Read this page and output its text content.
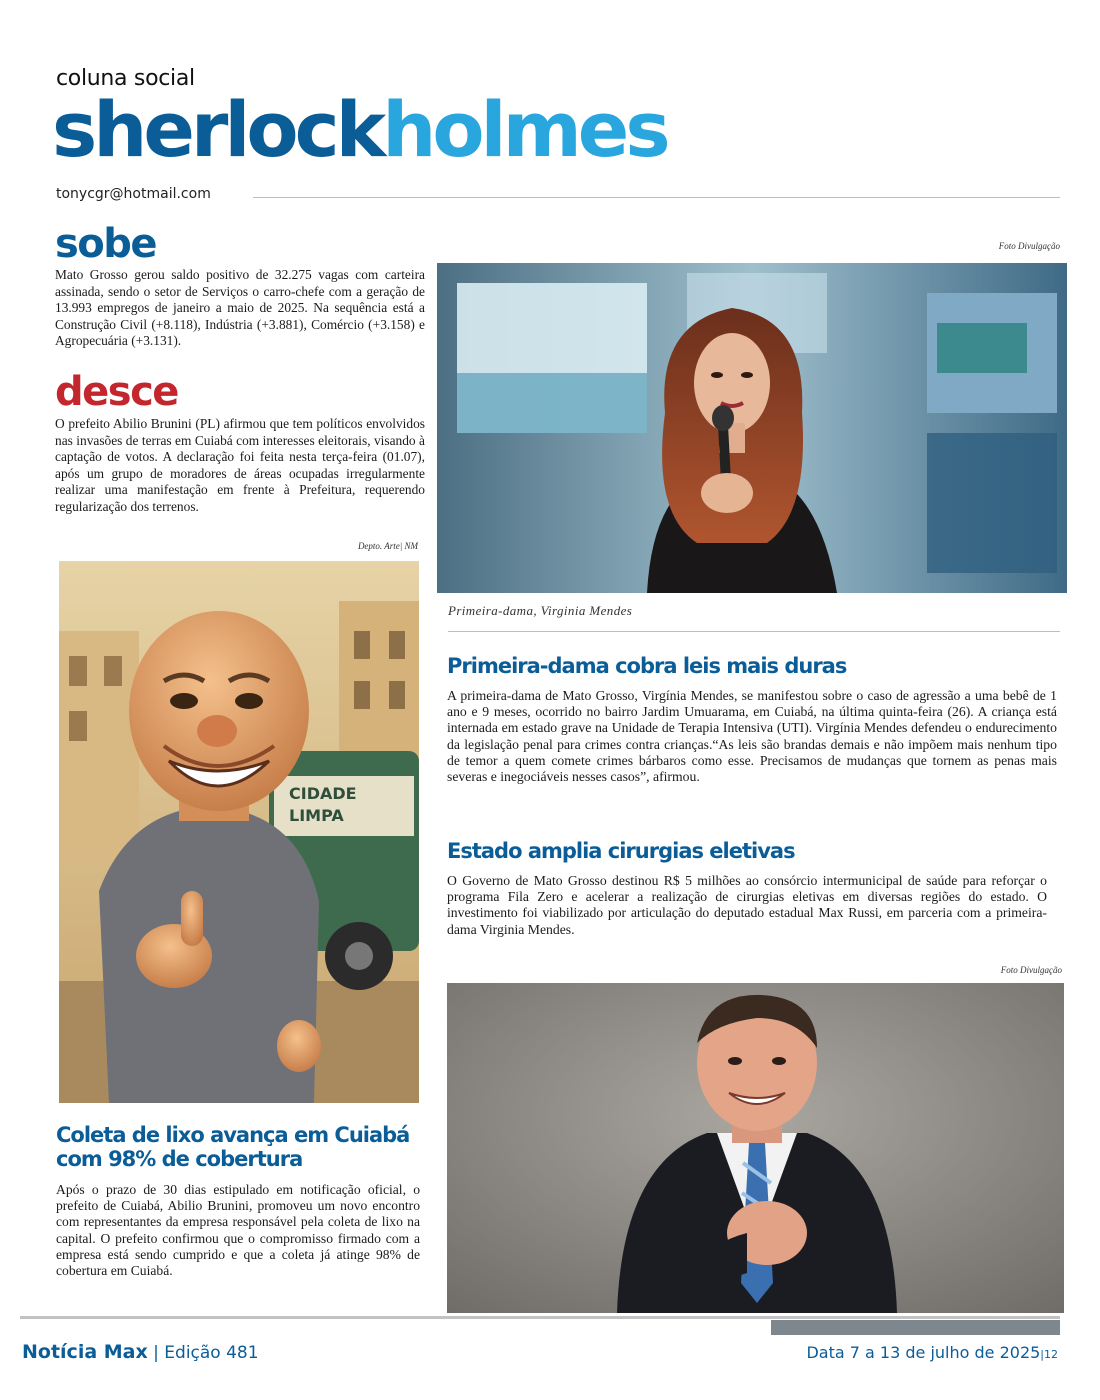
coluna social
sherlockholmes
tonycgr@hotmail.com
sobe
Mato Grosso gerou saldo positivo de 32.275 vagas com carteira assinada, sendo o setor de Serviços o carro-chefe com a geração de 13.993 empregos de janeiro a maio de 2025. Na sequência está a Construção Civil (+8.118), Indústria (+3.881), Comércio (+3.158) e Agropecuária (+3.131).
desce
O prefeito Abilio Brunini (PL) afirmou que tem políticos envolvidos nas invasões de terras em Cuiabá com interesses eleitorais, visando à captação de votos. A declaração foi feita nesta terça-feira (01.07), após um grupo de moradores de áreas ocupadas irregularmente realizar uma manifestação em frente à Prefeitura, requerendo regularização dos terrenos.
Depto. Arte| NM
CIDADE
LIMPA
Coleta de lixo avança em Cuiabá com 98% de cobertura
Após o prazo de 30 dias estipulado em notificação oficial, o prefeito de Cuiabá, Abilio Brunini, promoveu um novo encontro com representantes da empresa responsável pela coleta de lixo na capital. O prefeito confirmou que o compromisso firmado com a empresa está sendo cumprido e que a coleta já atinge 98% de cobertura em Cuiabá.
Foto Divulgação
Primeira-dama, Virginia Mendes
Primeira-dama cobra leis mais duras
A primeira-dama de Mato Grosso, Virgínia Mendes, se manifestou sobre o caso de agressão a uma bebê de 1 ano e 9 meses, ocorrido no bairro Jardim Umuarama, em Cuiabá, na última quinta-feira (26). A criança está internada em estado grave na Unidade de Terapia Intensiva (UTI). Virgínia Mendes defendeu o endurecimento da legislação penal para crimes contra crianças.“As leis são brandas demais e não impõem mais nenhum tipo de temor a quem comete crimes bárbaros como esse. Precisamos de mudanças que tornem as penas mais severas e inegociáveis nesses casos”, afirmou.
Estado amplia cirurgias eletivas
O Governo de Mato Grosso destinou R$ 5 milhões ao consórcio intermunicipal de saúde para reforçar o programa Fila Zero e acelerar a realização de cirurgias eletivas em diversas regiões do estado. O investimento foi viabilizado por articulação do deputado estadual Max Russi, em parceria com a primeira-dama Virginia Mendes.
Foto Divulgação
Notícia Max | Edição 481	Data 7 a 13 de julho de 2025|12
